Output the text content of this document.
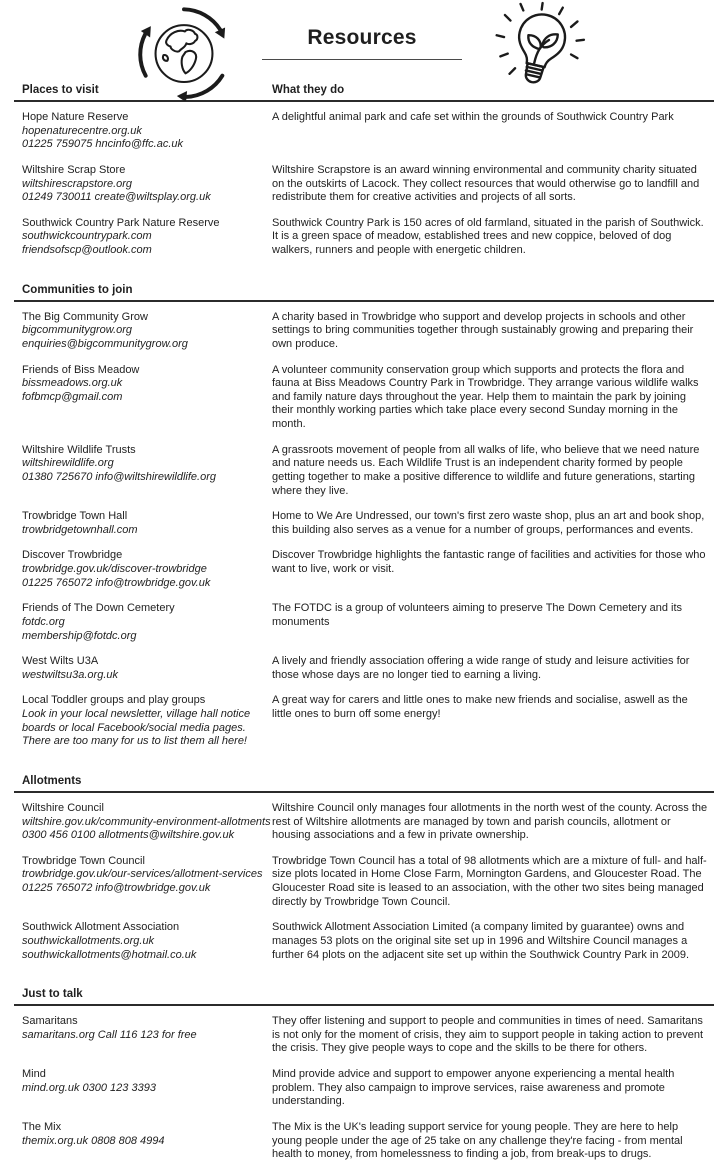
Resources
Places to visit	What they do
Hope Nature Reserve
hopenaturecentre.org.uk
01225 759075 hncinfo@ffc.ac.uk

A delightful animal park and cafe set within the grounds of Southwick Country Park

Wiltshire Scrap Store
wiltshirescrapstore.org
01249 730011 create@wiltsplay.org.uk

Wiltshire Scrapstore is an award winning environmental and community charity situated on the outskirts of Lacock. They collect resources that would otherwise go to landfill and redistribute them for creative activities and projects of all sorts.

Southwick Country Park Nature Reserve
southwickcountrypark.com
friendsofscp@outlook.com

Southwick Country Park is 150 acres of old farmland, situated in the parish of Southwick. It is a green space of meadow, established trees and new coppice, beloved of dog walkers, runners and people with energetic children.

Communities to join
The Big Community Grow
bigcommunitygrow.org
enquiries@bigcommunitygrow.org

A charity based in Trowbridge who support and develop projects in schools and other settings to bring communities together through sustainably growing and preparing their own produce.

Friends of Biss Meadow
bissmeadows.org.uk
fofbmcp@gmail.com

A volunteer community conservation group which supports and protects the flora and fauna at Biss Meadows Country Park in Trowbridge. They arrange various wildlife walks and family nature days throughout the year. Help them to maintain the park by joining their monthly working parties which take place every second Sunday morning in the month.

Wiltshire Wildlife Trusts
wiltshirewildlife.org
01380 725670 info@wiltshirewildlife.org

A grassroots movement of people from all walks of life, who believe that we need nature and nature needs us. Each Wildlife Trust is an independent charity formed by people getting together to make a positive difference to wildlife and future generations, starting where they live.

Trowbridge Town Hall
trowbridgetownhall.com

Home to We Are Undressed, our town's first zero waste shop, plus an art and book shop, this building also serves as a venue for a number of groups, performances and events.

Discover Trowbridge
trowbridge.gov.uk/discover-trowbridge
01225 765072 info@trowbridge.gov.uk

Discover Trowbridge highlights the fantastic range of facilities and activities for those who want to live, work or visit.

Friends of The Down Cemetery
fotdc.org
membership@fotdc.org

The FOTDC is a group of volunteers aiming to preserve The Down Cemetery and its monuments

West Wilts U3A
westwiltsu3a.org.uk

A lively and friendly association offering a wide range of study and leisure activities for those whose days are no longer tied to earning a living.

Local Toddler groups and play groups
Look in your local newsletter, village hall notice boards or local Facebook/social media pages. There are too many for us to list them all here!

A great way for carers and little ones to make new friends and socialise, aswell as the little ones to burn off some energy!

Allotments
Wiltshire Council
wiltshire.gov.uk/community-environment-allotments
0300 456 0100 allotments@wiltshire.gov.uk

Wiltshire Council only manages four allotments in the north west of the county. Across the rest of Wiltshire allotments are managed by town and parish councils, allotment or housing associations and a few in private ownership.

Trowbridge Town Council
trowbridge.gov.uk/our-services/allotment-services
01225 765072 info@trowbridge.gov.uk

Trowbridge Town Council has a total of 98 allotments which are a mixture of full- and half-size plots located in Home Close Farm, Mornington Gardens, and Gloucester Road. The Gloucester Road site is leased to an association, with the other two sites being managed directly by Trowbridge Town Council.

Southwick Allotment Association
southwickallotments.org.uk
southwickallotments@hotmail.co.uk

Southwick Allotment Association Limited (a company limited by guarantee) owns and manages 53 plots on the original site set up in 1996 and Wiltshire Council manages a further 64 plots on the adjacent site set up within the Southwick Country Park in 2009.

Just to talk
Samaritans
samaritans.org Call 116 123 for free

They offer listening and support to people and communities in times of need. Samaritans is not only for the moment of crisis, they aim to support people in taking action to prevent the crisis. They give people ways to cope and the skills to be there for others.

Mind
mind.org.uk 0300 123 3393

Mind provide advice and support to empower anyone experiencing a mental health problem. They also campaign to improve services, raise awareness and promote understanding.

The Mix
themix.org.uk 0808 808 4994

The Mix is the UK's leading support service for young people. They are here to help young people under the age of 25 take on any challenge they're facing - from mental health to money, from homelessness to finding a job, from break-ups to drugs.
